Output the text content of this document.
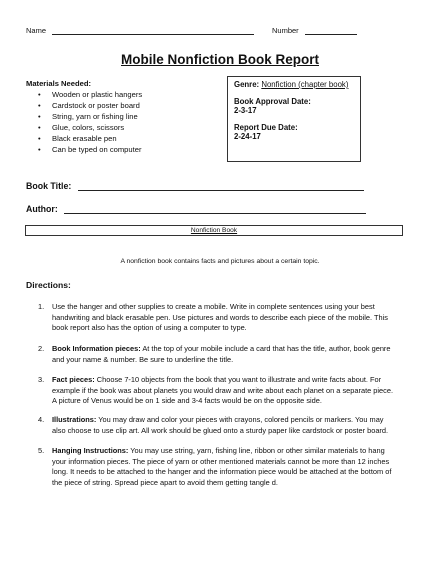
Name	Number
Mobile Nonfiction Book Report
Materials Needed:
• Wooden or plastic hangers
• Cardstock or poster board
• String, yarn or fishing line
• Glue, colors, scissors
• Black erasable pen
• Can be typed on computer
Genre: Nonfiction (chapter book)
Book Approval Date:
2-3-17
Report Due Date:
2-24-17
Book Title:
Author:
Nonfiction Book
A nonfiction book contains facts and pictures about a certain topic.
Directions:
1. Use the hanger and other supplies to create a mobile. Write in complete sentences using your best handwriting and black erasable pen. Use pictures and words to describe each piece of the mobile. This book report also has the option of using a computer to type.
2. Book Information pieces: At the top of your mobile include a card that has the title, author, book genre and your name & number. Be sure to underline the title.
3. Fact pieces: Choose 7-10 objects from the book that you want to illustrate and write facts about. For example if the book was about planets you would draw and write about each planet on a separate piece. A picture of Venus would be on 1 side and 3-4 facts would be on the opposite side.
4. Illustrations: You may draw and color your pieces with crayons, colored pencils or markers. You may also choose to use clip art. All work should be glued onto a sturdy paper like cardstock or poster board.
5. Hanging Instructions: You may use string, yarn, fishing line, ribbon or other similar materials to hang your information pieces. The piece of yarn or other mentioned materials cannot be more than 12 inches long. It needs to be attached to the hanger and the information piece would be attached at the bottom of the piece of string. Spread piece apart to avoid them getting tangle d.
